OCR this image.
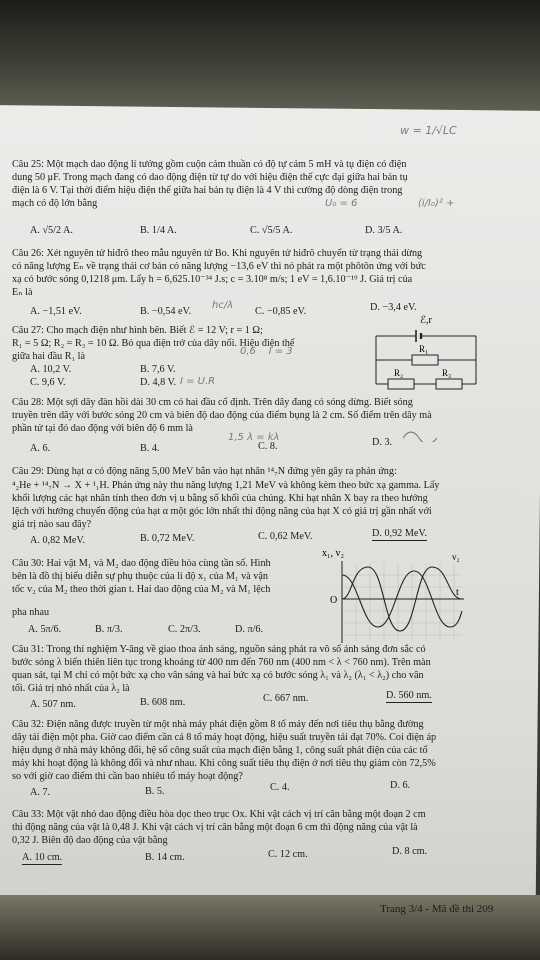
w = 1/√LC
U₀ = 6	(i/I₀)² +
hc/λ
0,6    I = 3
I = U.R
1,5 λ = kλ
Câu 25: Một mạch dao động lí tưởng gồm cuộn cảm thuần có độ tự cảm 5 mH và tụ điện có điện
dung 50 μF. Trong mạch đang có dao động điện từ tự do với hiệu điện thế cực đại giữa hai bản tụ
điện là 6 V. Tại thời điểm hiệu điện thế giữa hai bản tụ điện là 4 V thì cường độ dòng điện trong
mạch có độ lớn bằng
A. √5/2 A.	B. 1/4 A.	C. √5/5 A.	D. 3/5 A.
Câu 26: Xét nguyên tử hiđrô theo mẫu nguyên tử Bo. Khi nguyên tử hiđrô chuyển từ trạng thái dừng
có năng lượng Eₙ về trạng thái cơ bản có năng lượng −13,6 eV thì nó phát ra một phôtôn ứng với bức
xạ có bước sóng 0,1218 μm. Lấy h = 6,625.10⁻³⁴ J.s; c = 3.10⁸ m/s; 1 eV = 1,6.10⁻¹⁹ J. Giá trị của
Eₙ là
A. −1,51 eV.	B. −0,54 eV.	C. −0,85 eV.	D. −3,4 eV.
Câu 27: Cho mạch điện như hình bên. Biết ℰ = 12 V; r = 1 Ω;
R₁ = 5 Ω; R₂ = R₃ = 10 Ω. Bỏ qua điện trở của dây nối. Hiệu điện thế
giữa hai đầu R₁ là
A. 10,2 V.	B. 7,6 V.
C. 9,6 V.	D. 4,8 V.
ℰ,r
R₁
R₂	R₃
Câu 28: Một sợi dây đàn hồi dài 30 cm có hai đầu cố định. Trên dây đang có sóng dừng. Biết sóng
truyền trên dây với bước sóng 20 cm và biên độ dao động của điểm bụng là 2 cm. Số điểm trên dây mà
phần tử tại đó dao động với biên độ 6 mm là
A. 6.	B. 4.	C. 8.	D. 3.
Câu 29: Dùng hạt α có động năng 5,00 MeV bắn vào hạt nhân ¹⁴₇N đứng yên gây ra phản ứng:
⁴₂He + ¹⁴₇N → X + ¹₁H. Phản ứng này thu năng lượng 1,21 MeV và không kèm theo bức xạ gamma. Lấy
khối lượng các hạt nhân tính theo đơn vị u bằng số khối của chúng. Khi hạt nhân X bay ra theo hướng
lệch với hướng chuyển động của hạt α một góc lớn nhất thì động năng của hạt X có giá trị gần nhất với
giá trị nào sau đây?
A. 0,82 MeV.	B. 0,72 MeV.	C. 0,62 MeV.	D. 0,92 MeV.
Câu 30: Hai vật M₁ và M₂ dao động điều hòa cùng tần số. Hình
bên là đồ thị biểu diễn sự phụ thuộc của li độ x₁ của M₁ và vận
tốc v₂ của M₂ theo thời gian t. Hai dao động của M₂ và M₁ lệch
pha nhau
A. 5π/6.	B. π/3.	C. 2π/3.	D. π/6.
x₁, v₂
O
t
v₂
Câu 31: Trong thí nghiệm Y-âng về giao thoa ánh sáng, nguồn sáng phát ra vô số ánh sáng đơn sắc có
bước sóng λ biến thiên liên tục trong khoảng từ 400 nm đến 760 nm (400 nm < λ < 760 nm). Trên màn
quan sát, tại M chỉ có một bức xạ cho vân sáng và hai bức xạ có bước sóng λ₁ và λ₂ (λ₁ < λ₂) cho vân
tối. Giá trị nhỏ nhất của λ₂ là
A. 507 nm.	B. 608 nm.	C. 667 nm.	D. 560 nm.
Câu 32: Điện năng được truyền từ một nhà máy phát điện gồm 8 tổ máy đến nơi tiêu thụ bằng đường
dây tải điện một pha. Giờ cao điểm cần cả 8 tổ máy hoạt động, hiệu suất truyền tải đạt 70%. Coi điện áp
hiệu dụng ở nhà máy không đổi, hệ số công suất của mạch điện bằng 1, công suất phát điện của các tổ
máy khi hoạt động là không đổi và như nhau. Khi công suất tiêu thụ điện ở nơi tiêu thụ giảm còn 72,5%
so với giờ cao điểm thì cần bao nhiêu tổ máy hoạt động?
A. 7.	B. 5.	C. 4.	D. 6.
Câu 33: Một vật nhỏ dao động điều hòa dọc theo trục Ox. Khi vật cách vị trí cân bằng một đoạn 2 cm
thì động năng của vật là 0,48 J. Khi vật cách vị trí cân bằng một đoạn 6 cm thì động năng của vật là
0,32 J. Biên độ dao động của vật bằng
A. 10 cm.	B. 14 cm.	C. 12 cm.	D. 8 cm.
Trang 3/4 - Mã đề thi 209
